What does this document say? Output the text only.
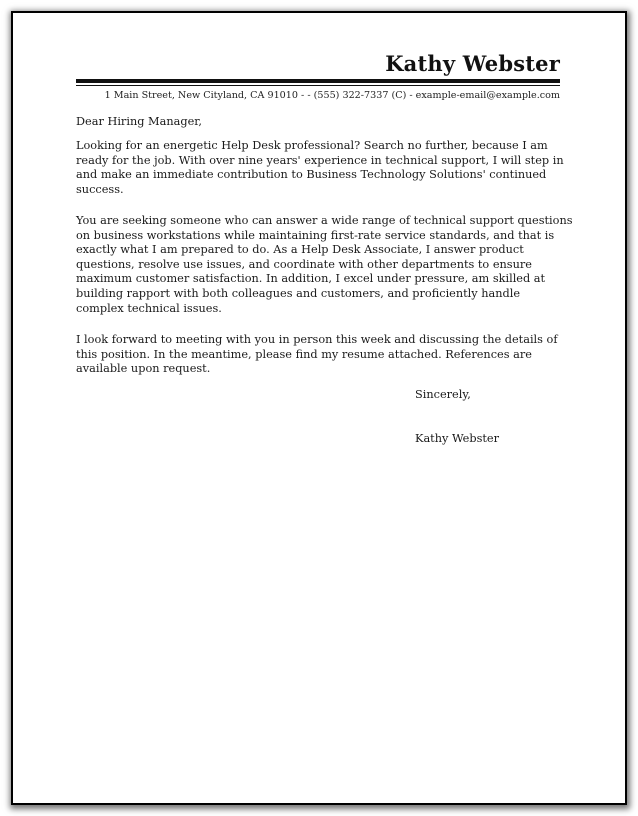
Kathy Webster
1 Main Street, New Cityland, CA 91010 - - (555) 322-7337 (C) - example-email@example.com
Dear Hiring Manager,
Looking for an energetic Help Desk professional? Search no further, because I am
ready for the job. With over nine years' experience in technical support, I will step in
and make an immediate contribution to Business Technology Solutions' continued
success.
You are seeking someone who can answer a wide range of technical support questions
on business workstations while maintaining first-rate service standards, and that is
exactly what I am prepared to do. As a Help Desk Associate, I answer product
questions, resolve use issues, and coordinate with other departments to ensure
maximum customer satisfaction. In addition, I excel under pressure, am skilled at
building rapport with both colleagues and customers, and proficiently handle
complex technical issues.
I look forward to meeting with you in person this week and discussing the details of
this position. In the meantime, please find my resume attached. References are
available upon request.
Sincerely,
Kathy Webster
